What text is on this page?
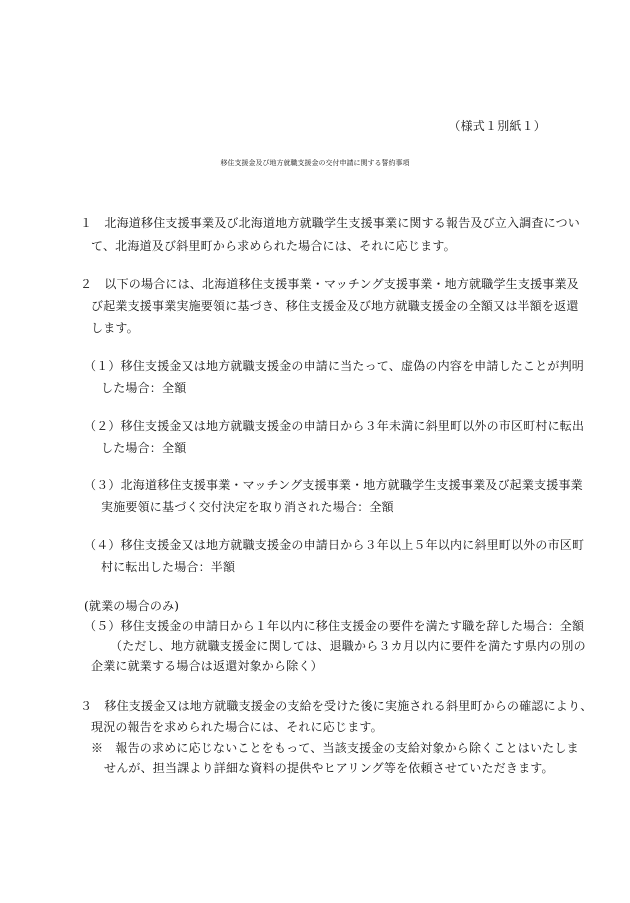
（様式１別紙１）
移住支援金及び地方就職支援金の交付申請に関する誓約事項
１　北海道移住支援事業及び北海道地方就職学生支援事業に関する報告及び立入調査につい
て、北海道及び斜里町から求められた場合には、それに応じます。
２　以下の場合には、北海道移住支援事業・マッチング支援事業・地方就職学生支援事業及
び起業支援事業実施要領に基づき、移住支援金及び地方就職支援金の全額又は半額を返還
します。
（１）移住支援金又は地方就職支援金の申請に当たって、虚偽の内容を申請したことが判明
した場合：全額
（２）移住支援金又は地方就職支援金の申請日から３年未満に斜里町以外の市区町村に転出
した場合：全額
（３）北海道移住支援事業・マッチング支援事業・地方就職学生支援事業及び起業支援事業
実施要領に基づく交付決定を取り消された場合：全額
（４）移住支援金又は地方就職支援金の申請日から３年以上５年以内に斜里町以外の市区町
村に転出した場合：半額
(就業の場合のみ)
（５）移住支援金の申請日から１年以内に移住支援金の要件を満たす職を辞した場合：全額
（ただし、地方就職支援金に関しては、退職から３カ月以内に要件を満たす県内の別の
企業に就業する場合は返還対象から除く）
３　移住支援金又は地方就職支援金の支給を受けた後に実施される斜里町からの確認により、
現況の報告を求められた場合には、それに応じます。
※　報告の求めに応じないことをもって、当該支援金の支給対象から除くことはいたしま
せんが、担当課より詳細な資料の提供やヒアリング等を依頼させていただきます。
